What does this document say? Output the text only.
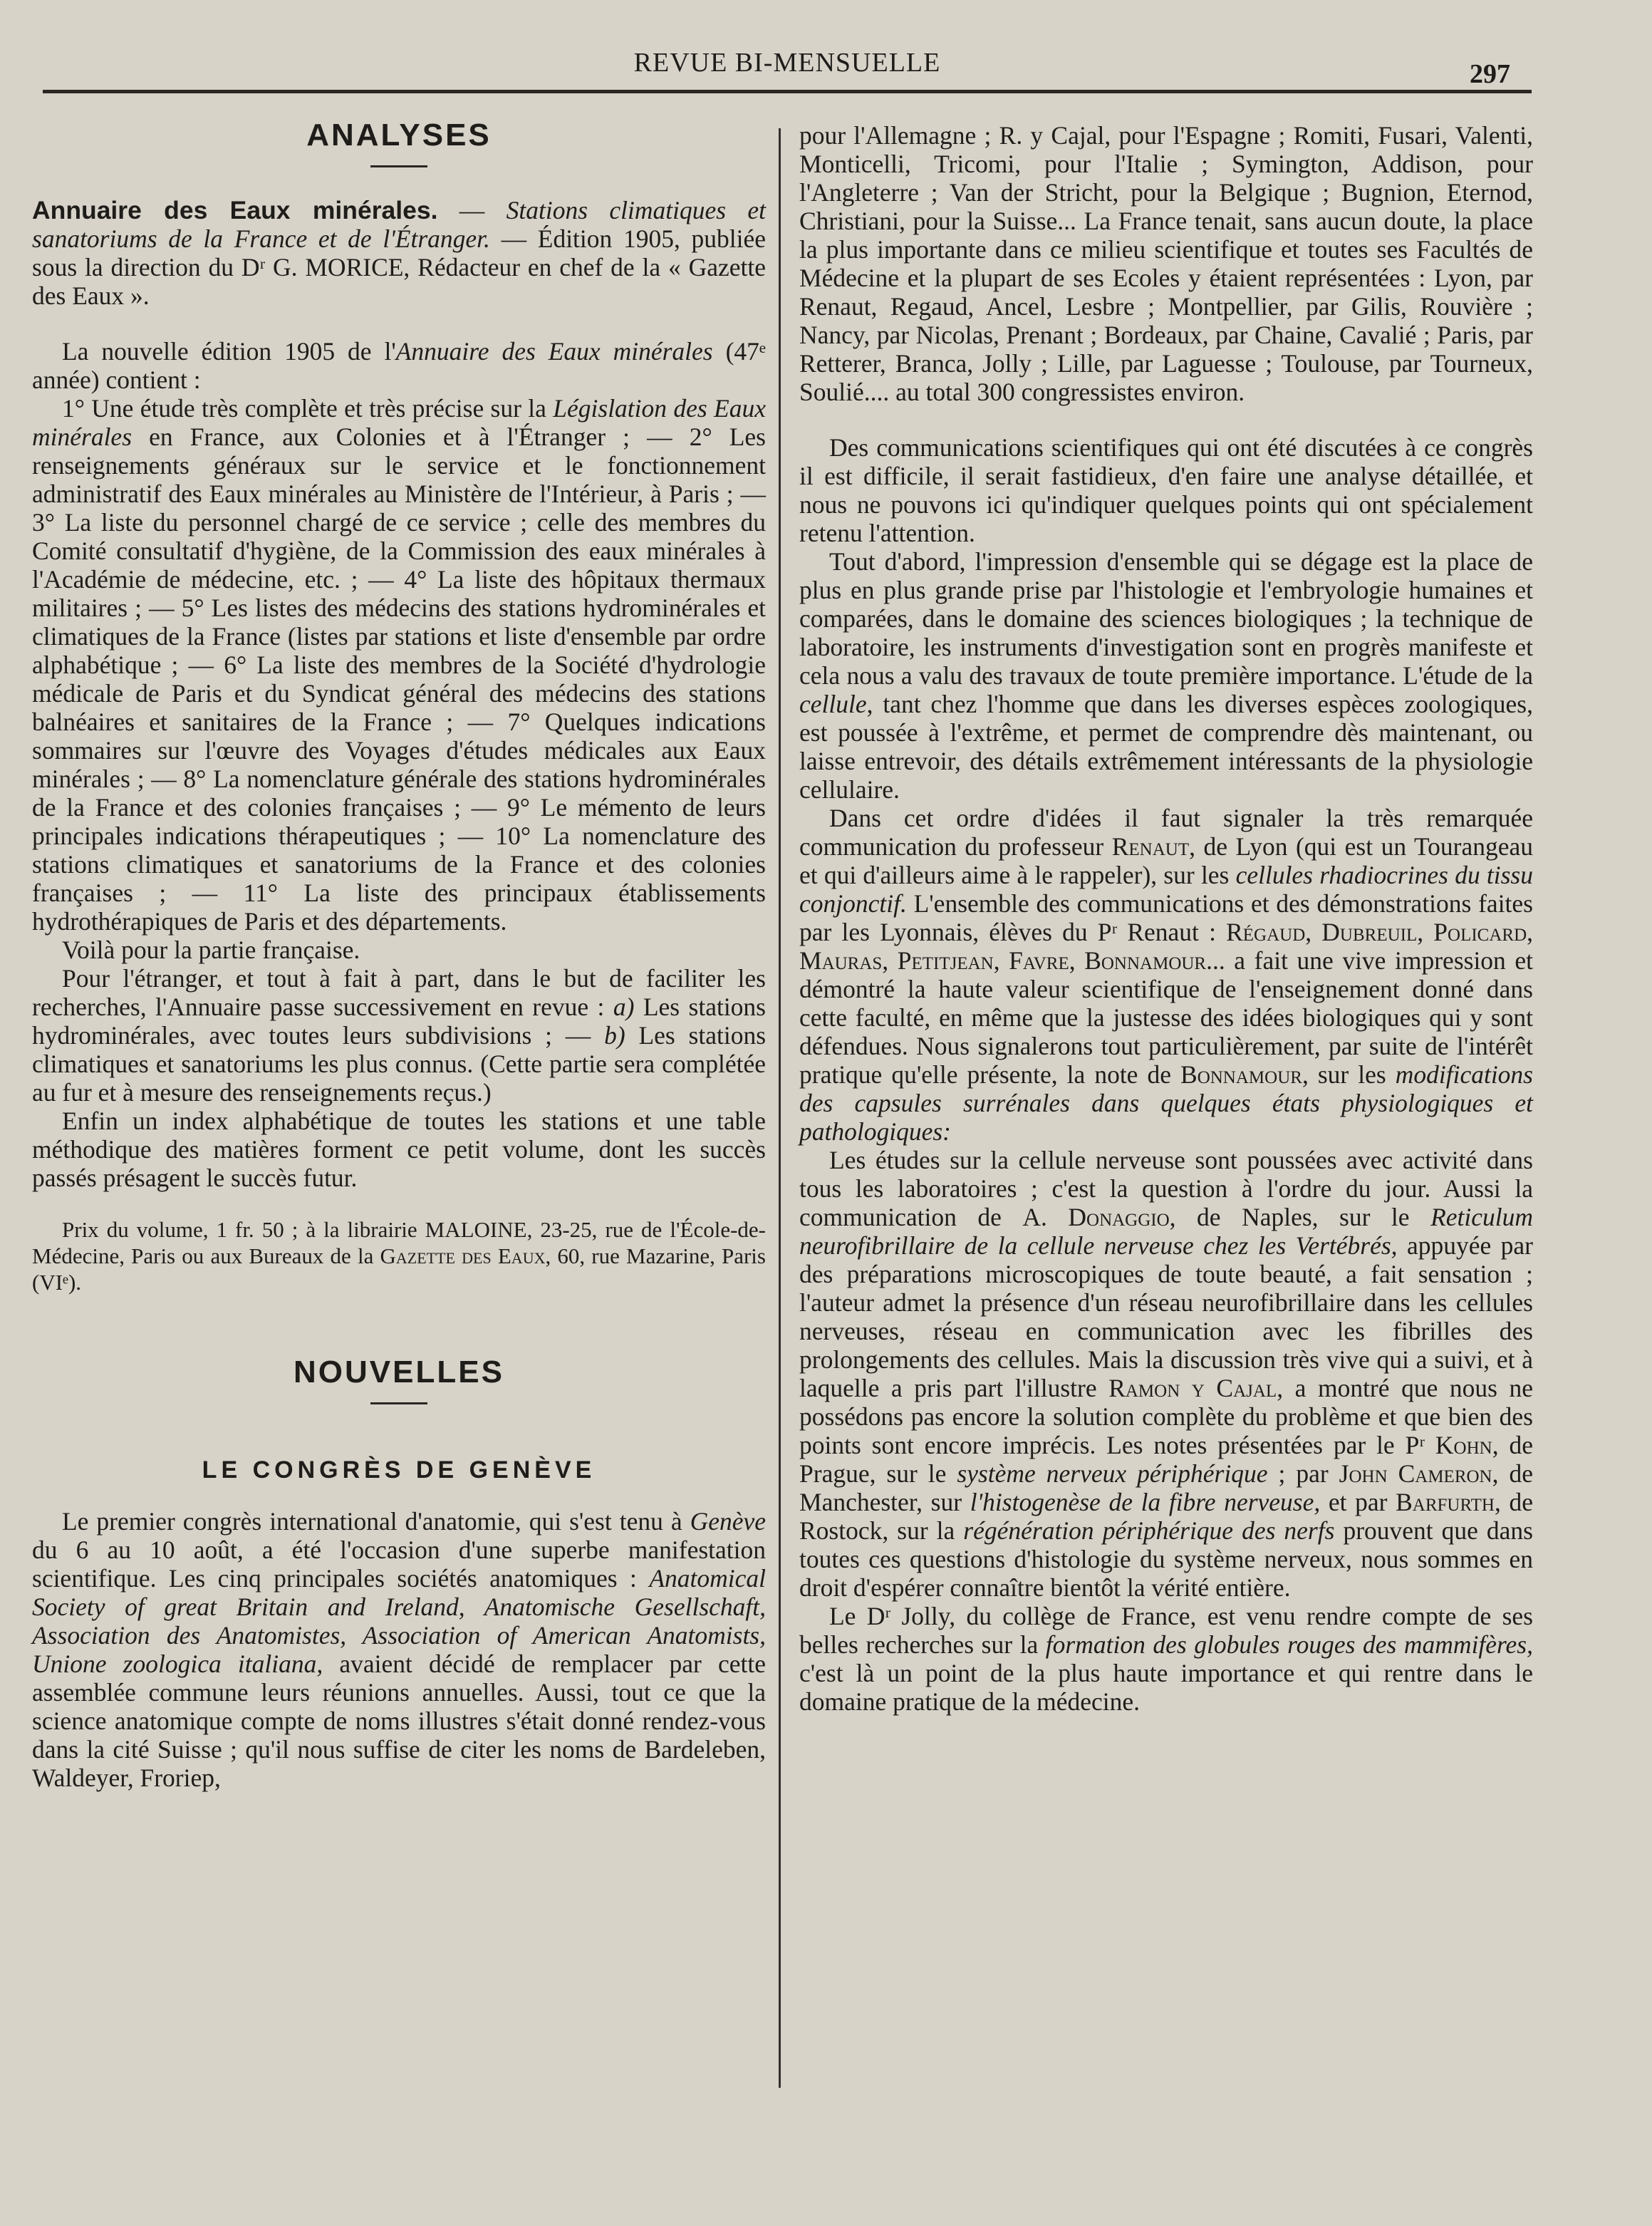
REVUE BI-MENSUELLE	297
ANALYSES

Annuaire des Eaux minérales. — Stations climatiques et sanatoriums de la France et de l'Étranger. — Édition 1905, publiée sous la direction du Dʳ G. MORICE, Rédacteur en chef de la « Gazette des Eaux ».

La nouvelle édition 1905 de l'Annuaire des Eaux minérales (47ᵉ année) contient :

1° Une étude très complète et très précise sur la Législation des Eaux minérales en France, aux Colonies et à l'Étranger ; — 2° Les renseignements généraux sur le service et le fonctionnement administratif des Eaux minérales au Ministère de l'Intérieur, à Paris ; — 3° La liste du personnel chargé de ce service ; celle des membres du Comité consultatif d'hygiène, de la Commission des eaux minérales à l'Académie de médecine, etc. ; — 4° La liste des hôpitaux thermaux militaires ; — 5° Les listes des médecins des stations hydrominérales et climatiques de la France (listes par stations et liste d'ensemble par ordre alphabétique ; — 6° La liste des membres de la Société d'hydrologie médicale de Paris et du Syndicat général des médecins des stations balnéaires et sanitaires de la France ; — 7° Quelques indications sommaires sur l'œuvre des Voyages d'études médicales aux Eaux minérales ; — 8° La nomenclature générale des stations hydrominérales de la France et des colonies françaises ; — 9° Le mémento de leurs principales indications thérapeutiques ; — 10° La nomenclature des stations climatiques et sanatoriums de la France et des colonies françaises ; — 11° La liste des principaux établissements hydrothérapiques de Paris et des départements.

Voilà pour la partie française.

Pour l'étranger, et tout à fait à part, dans le but de faciliter les recherches, l'Annuaire passe successivement en revue : a) Les stations hydrominérales, avec toutes leurs subdivisions ; — b) Les stations climatiques et sanatoriums les plus connus. (Cette partie sera complétée au fur et à mesure des renseignements reçus.)

Enfin un index alphabétique de toutes les stations et une table méthodique des matières forment ce petit volume, dont les succès passés présagent le succès futur.

Prix du volume, 1 fr. 50 ; à la librairie MALOINE, 23-25, rue de l'École-de-Médecine, Paris ou aux Bureaux de la Gazette des Eaux, 60, rue Mazarine, Paris (VIᵉ).

NOUVELLES
LE CONGRÈS DE GENÈVE

Le premier congrès international d'anatomie, qui s'est tenu à Genève du 6 au 10 août, a été l'occasion d'une superbe manifestation scientifique. Les cinq principales sociétés anatomiques : Anatomical Society of great Britain and Ireland, Anatomische Gesellschaft, Association des Anatomistes, Association of American Anatomists, Unione zoologica italiana, avaient décidé de remplacer par cette assemblée commune leurs réunions annuelles. Aussi, tout ce que la science anatomique compte de noms illustres s'était donné rendez-vous dans la cité Suisse ; qu'il nous suffise de citer les noms de Bardeleben, Waldeyer, Froriep,

pour l'Allemagne ; R. y Cajal, pour l'Espagne ; Romiti, Fusari, Valenti, Monticelli, Tricomi, pour l'Italie ; Symington, Addison, pour l'Angleterre ; Van der Stricht, pour la Belgique ; Bugnion, Eternod, Christiani, pour la Suisse... La France tenait, sans aucun doute, la place la plus importante dans ce milieu scientifique et toutes ses Facultés de Médecine et la plupart de ses Ecoles y étaient représentées : Lyon, par Renaut, Regaud, Ancel, Lesbre ; Montpellier, par Gilis, Rouvière ; Nancy, par Nicolas, Prenant ; Bordeaux, par Chaine, Cavalié ; Paris, par Retterer, Branca, Jolly ; Lille, par Laguesse ; Toulouse, par Tourneux, Soulié.... au total 300 congressistes environ.

Des communications scientifiques qui ont été discutées à ce congrès il est difficile, il serait fastidieux, d'en faire une analyse détaillée, et nous ne pouvons ici qu'indiquer quelques points qui ont spécialement retenu l'attention.

Tout d'abord, l'impression d'ensemble qui se dégage est la place de plus en plus grande prise par l'histologie et l'embryologie humaines et comparées, dans le domaine des sciences biologiques ; la technique de laboratoire, les instruments d'investigation sont en progrès manifeste et cela nous a valu des travaux de toute première importance. L'étude de la cellule, tant chez l'homme que dans les diverses espèces zoologiques, est poussée à l'extrême, et permet de comprendre dès maintenant, ou laisse entrevoir, des détails extrêmement intéressants de la physiologie cellulaire.

Dans cet ordre d'idées il faut signaler la très remarquée communication du professeur Renaut, de Lyon (qui est un Tourangeau et qui d'ailleurs aime à le rappeler), sur les cellules rhadiocrines du tissu conjonctif. L'ensemble des communications et des démonstrations faites par les Lyonnais, élèves du Pʳ Renaut : Régaud, Dubreuil, Policard, Mauras, Petitjean, Favre, Bonnamour... a fait une vive impression et démontré la haute valeur scientifique de l'enseignement donné dans cette faculté, en même que la justesse des idées biologiques qui y sont défendues. Nous signalerons tout particulièrement, par suite de l'intérêt pratique qu'elle présente, la note de Bonnamour, sur les modifications des capsules surrénales dans quelques états physiologiques et pathologiques:

Les études sur la cellule nerveuse sont poussées avec activité dans tous les laboratoires ; c'est la question à l'ordre du jour. Aussi la communication de A. Donaggio, de Naples, sur le Reticulum neurofibrillaire de la cellule nerveuse chez les Vertébrés, appuyée par des préparations microscopiques de toute beauté, a fait sensation ; l'auteur admet la présence d'un réseau neurofibrillaire dans les cellules nerveuses, réseau en communication avec les fibrilles des prolongements des cellules. Mais la discussion très vive qui a suivi, et à laquelle a pris part l'illustre Ramon y Cajal, a montré que nous ne possédons pas encore la solution complète du problème et que bien des points sont encore imprécis. Les notes présentées par le Pʳ Kohn, de Prague, sur le système nerveux périphérique ; par John Cameron, de Manchester, sur l'histogenèse de la fibre nerveuse, et par Barfurth, de Rostock, sur la régénération périphérique des nerfs prouvent que dans toutes ces questions d'histologie du système nerveux, nous sommes en droit d'espérer connaître bientôt la vérité entière.

Le Dʳ Jolly, du collège de France, est venu rendre compte de ses belles recherches sur la formation des globules rouges des mammifères, c'est là un point de la plus haute importance et qui rentre dans le domaine pratique de la médecine.
